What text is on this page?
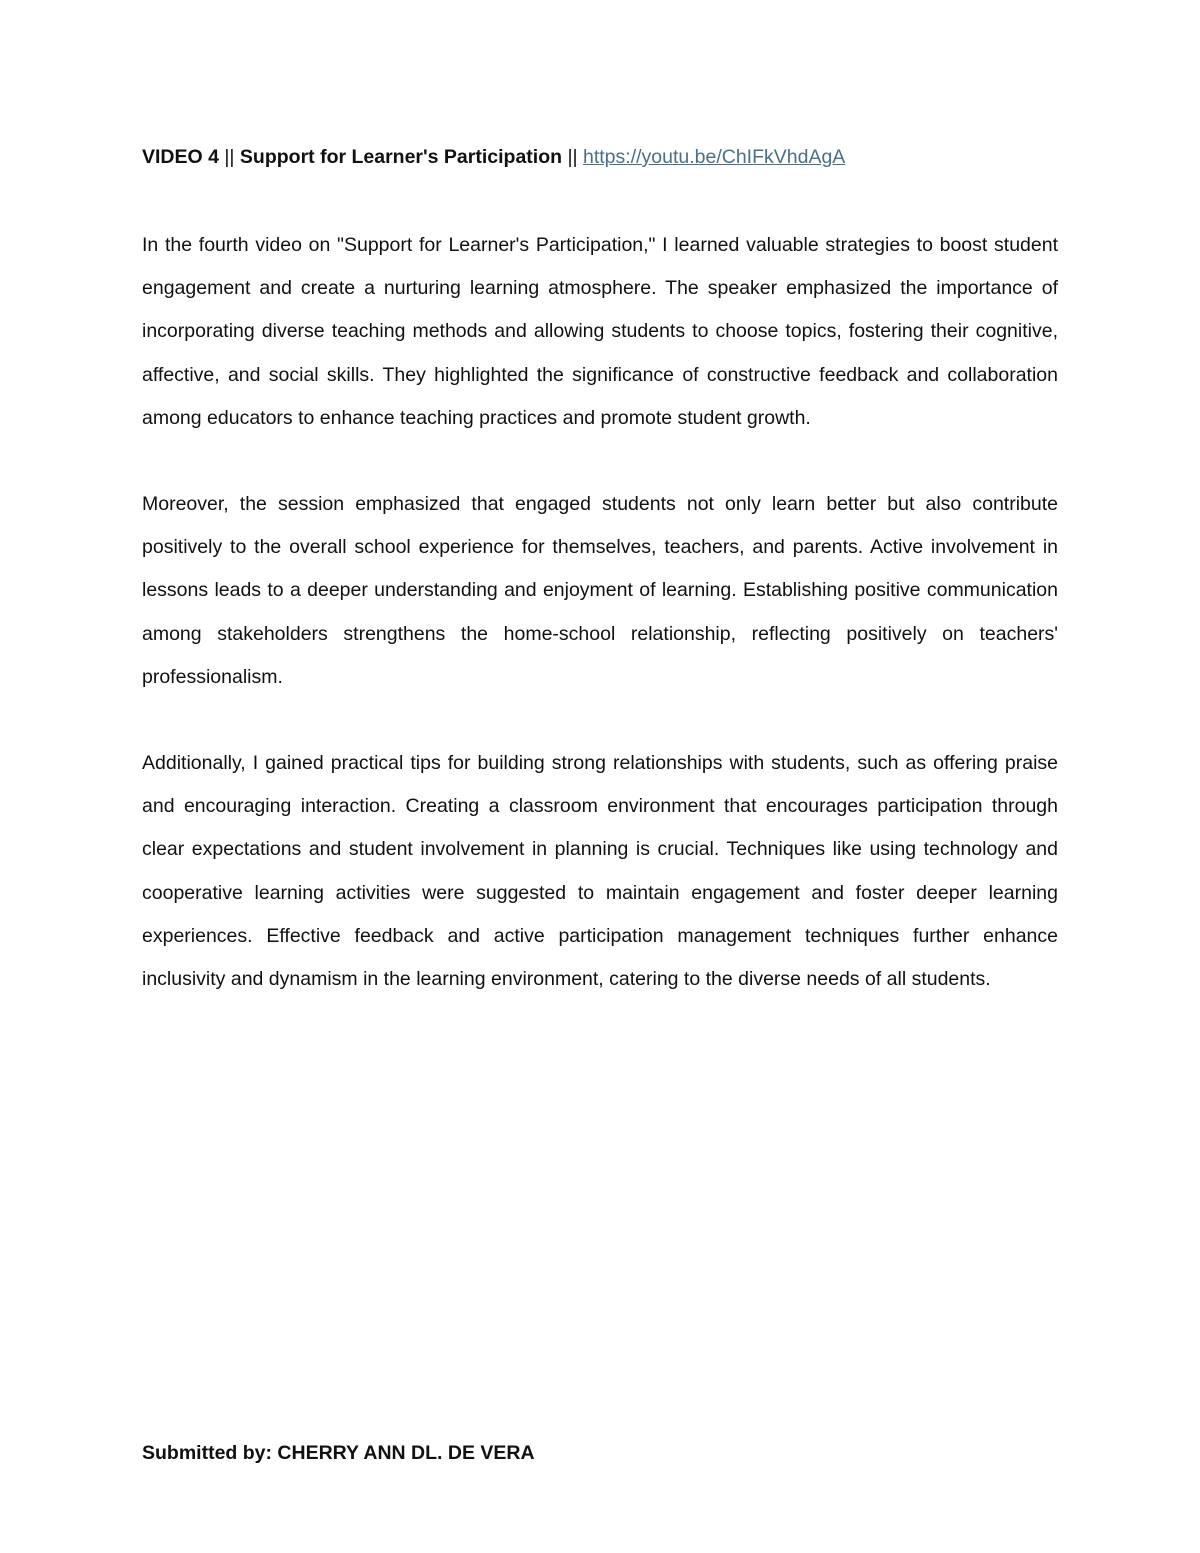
VIDEO 4 || Support for Learner's Participation || https://youtu.be/ChIFkVhdAgA

In the fourth video on "Support for Learner's Participation," I learned valuable strategies to boost student engagement and create a nurturing learning atmosphere. The speaker emphasized the importance of incorporating diverse teaching methods and allowing students to choose topics, fostering their cognitive, affective, and social skills. They highlighted the significance of constructive feedback and collaboration among educators to enhance teaching practices and promote student growth.

Moreover, the session emphasized that engaged students not only learn better but also contribute positively to the overall school experience for themselves, teachers, and parents. Active involvement in lessons leads to a deeper understanding and enjoyment of learning. Establishing positive communication among stakeholders strengthens the home-school relationship, reflecting positively on teachers' professionalism.

Additionally, I gained practical tips for building strong relationships with students, such as offering praise and encouraging interaction. Creating a classroom environment that encourages participation through clear expectations and student involvement in planning is crucial. Techniques like using technology and cooperative learning activities were suggested to maintain engagement and foster deeper learning experiences. Effective feedback and active participation management techniques further enhance inclusivity and dynamism in the learning environment, catering to the diverse needs of all students.

Submitted by: CHERRY ANN DL. DE VERA
